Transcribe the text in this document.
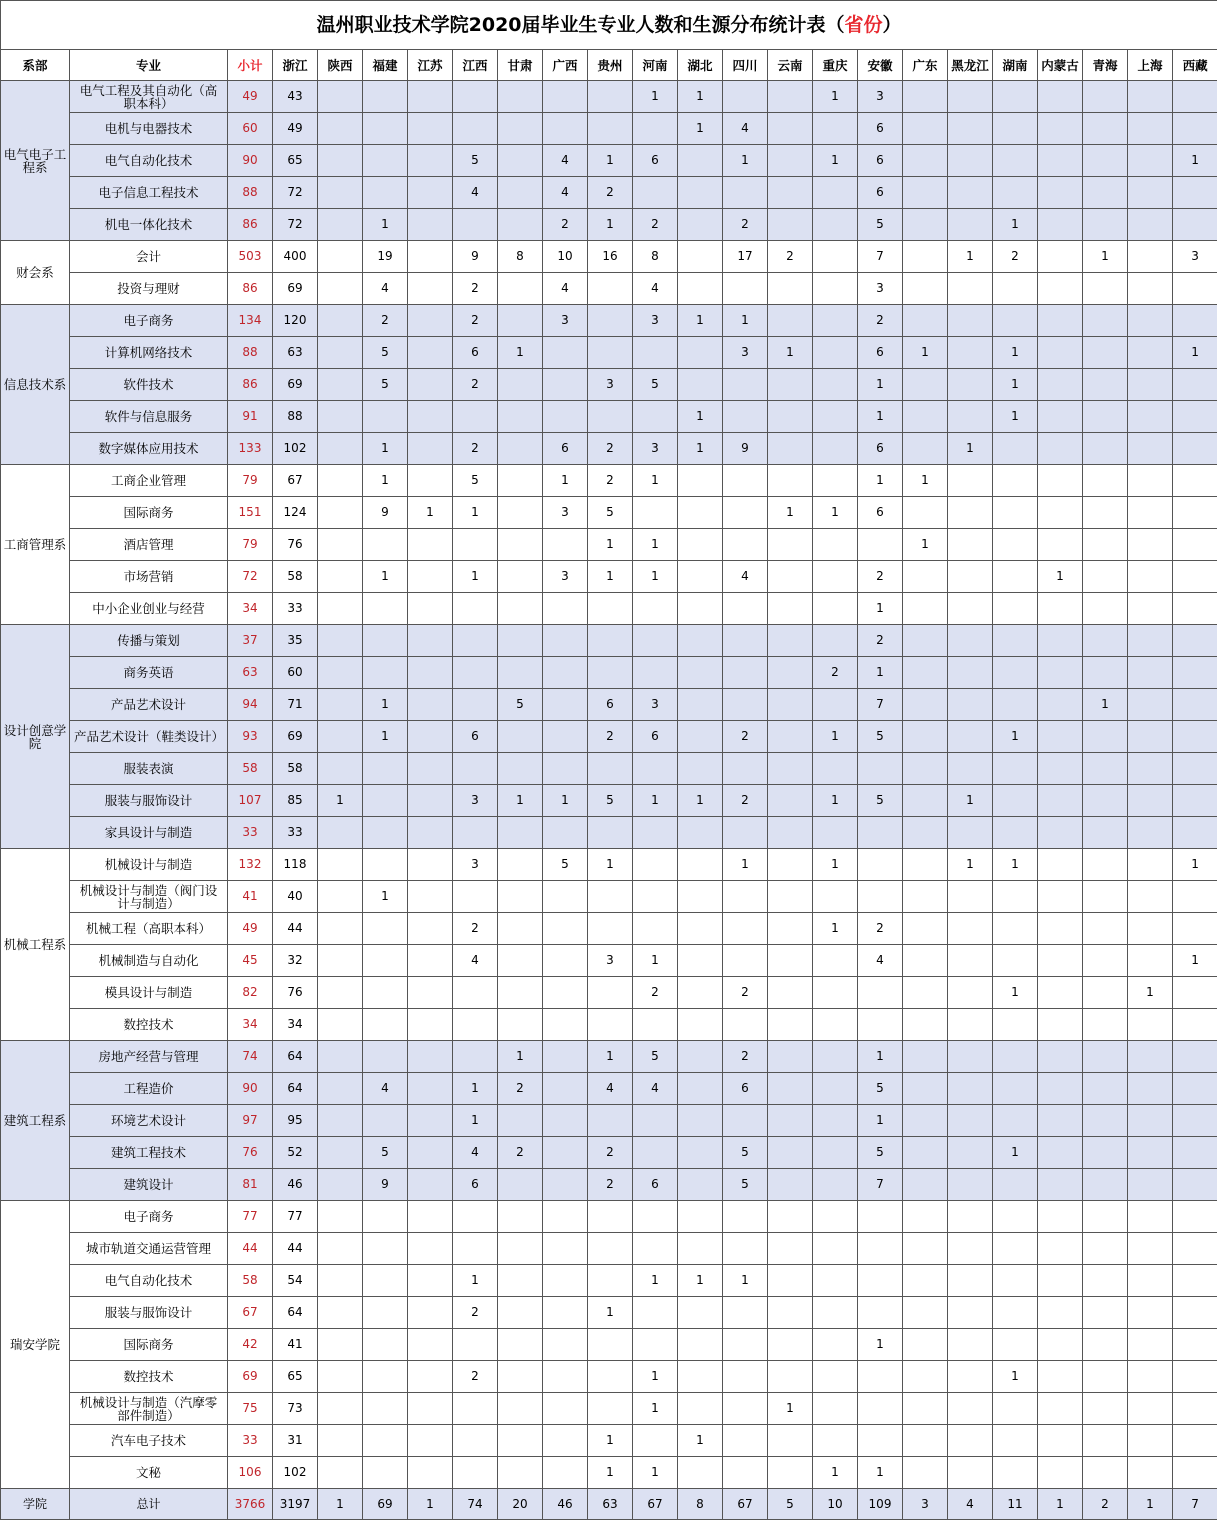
温州职业技术学院2020届毕业生专业人数和生源分布统计表（省份）																							
系部	专业	小计	浙江	陕西	福建	江苏	江西	甘肃	广西	贵州	河南	湖北	四川	云南	重庆	安徽	广东	黑龙江	湖南	内蒙古	青海	上海	西藏
电气电子工程系	电气工程及其自动化（高职本科）	49	43								1	1			1	3							
	电机与电器技术	60	49									1	4			6							
	电气自动化技术	90	65				5		4	1	6		1		1	6							1
	电子信息工程技术	88	72				4		4	2						6							
	机电一体化技术	86	72		1				2	1	2		2			5			1				
财会系	会计	503	400		19		9	8	10	16	8		17	2		7		1	2		1		3
	投资与理财	86	69		4		2		4		4					3							
信息技术系	电子商务	134	120		2		2		3		3	1	1			2							
	计算机网络技术	88	63		5		6	1					3	1		6	1		1				1
	软件技术	86	69		5		2			3	5					1			1				
	软件与信息服务	91	88									1				1			1				
	数字媒体应用技术	133	102		1		2		6	2	3	1	9			6		1					
工商管理系	工商企业管理	79	67		1		5		1	2	1					1	1						
	国际商务	151	124		9	1	1		3	5				1	1	6							
	酒店管理	79	76							1	1						1						
	市场营销	72	58		1		1		3	1	1		4			2				1			
	中小企业创业与经营	34	33													1							
设计创意学院	传播与策划	37	35													2							
	商务英语	63	60												2	1							
	产品艺术设计	94	71		1			5		6	3					7					1		
	产品艺术设计（鞋类设计）	93	69		1		6			2	6		2		1	5			1				
	服装表演	58	58																				
	服装与服饰设计	107	85	1			3	1	1	5	1	1	2		1	5		1					
	家具设计与制造	33	33																				
机械工程系	机械设计与制造	132	118				3		5	1			1		1			1	1				1
	机械设计与制造（阀门设计与制造）	41	40		1																		
	机械工程（高职本科）	49	44				2								1	2							
	机械制造与自动化	45	32				4			3	1					4							1
	模具设计与制造	82	76								2		2						1			1	
	数控技术	34	34																				
建筑工程系	房地产经营与管理	74	64					1		1	5		2			1							
	工程造价	90	64		4		1	2		4	4		6			5							
	环境艺术设计	97	95				1									1							
	建筑工程技术	76	52		5		4	2		2			5			5			1				
	建筑设计	81	46		9		6			2	6		5			7							
瑞安学院	电子商务	77	77																				
	城市轨道交通运营管理	44	44																				
	电气自动化技术	58	54				1				1	1	1										
	服装与服饰设计	67	64				2			1													
	国际商务	42	41													1							
	数控技术	69	65				2				1								1				
	机械设计与制造（汽摩零部件制造）	75	73								1			1									
	汽车电子技术	33	31							1		1											
	文秘	106	102							1	1				1	1							
学院	总计	3766	3197	1	69	1	74	20	46	63	67	8	67	5	10	109	3	4	11	1	2	1	7
